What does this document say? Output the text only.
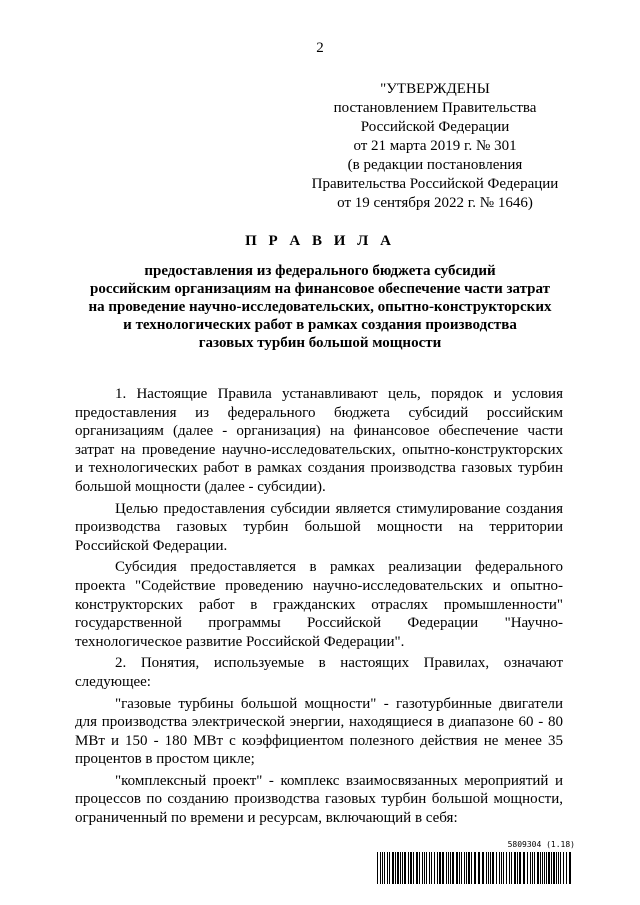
2
"УТВЕРЖДЕНЫ
постановлением Правительства
Российской Федерации
от 21 марта 2019 г. № 301
(в редакции постановления
Правительства Российской Федерации
от 19 сентября 2022 г. № 1646)
П Р А В И Л А
предоставления из федерального бюджета субсидий
российским организациям на финансовое обеспечение части затрат
на проведение научно-исследовательских, опытно-конструкторских
и технологических работ в рамках создания производства
газовых турбин большой мощности

1. Настоящие Правила устанавливают цель, порядок и условия предоставления из федерального бюджета субсидий российским организациям (далее - организация) на финансовое обеспечение части затрат на проведение научно-исследовательских, опытно-конструкторских и технологических работ в рамках создания производства газовых турбин большой мощности (далее - субсидии).

Целью предоставления субсидии является стимулирование создания производства газовых турбин большой мощности на территории Российской Федерации.

Субсидия предоставляется в рамках реализации федерального проекта "Содействие проведению научно-исследовательских и опытно-конструкторских работ в гражданских отраслях промышленности" государственной программы Российской Федерации "Научно-технологическое развитие Российской Федерации".

2. Понятия, используемые в настоящих Правилах, означают следующее:

"газовые турбины большой мощности" - газотурбинные двигатели для производства электрической энергии, находящиеся в диапазоне 60 - 80 МВт и 150 - 180 МВт с коэффициентом полезного действия не менее 35 процентов в простом цикле;

"комплексный проект" - комплекс взаимосвязанных мероприятий и процессов по созданию производства газовых турбин большой мощности, ограниченный по времени и ресурсам, включающий в себя:

5809304 (1.18)
